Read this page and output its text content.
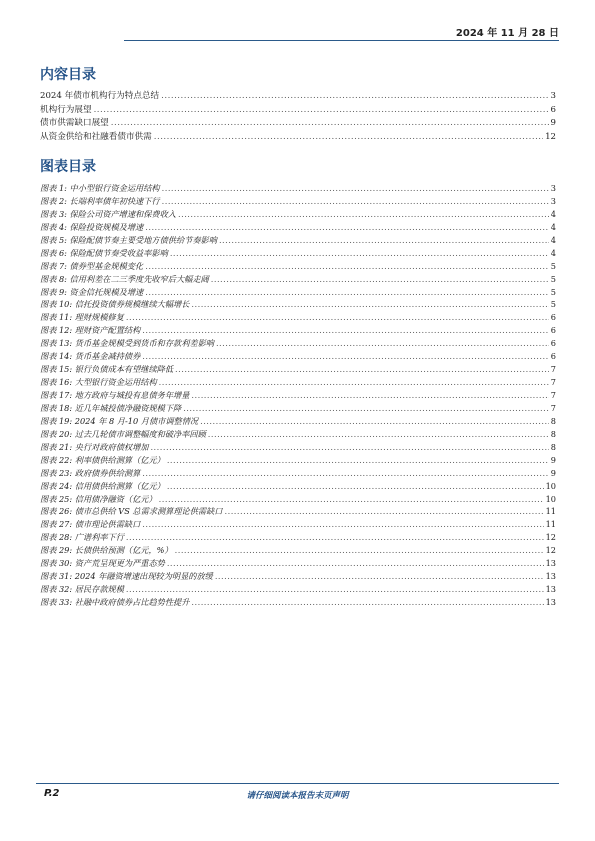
2024 年 11 月 28 日
内容目录
2024 年债市机构行为特点总结 .....	3
机构行为展望 .....	6
债市供需缺口展望 .....	9
从资金供给和社融看债市供需 .....	12
图表目录
图表 1: 中小型银行资金运用结构 .....	3
图表 2: 长端利率债年初快速下行 .....	3
图表 3: 保险公司资产增速和保费收入 .....	4
图表 4: 保险投资规模及增速 .....	4
图表 5: 保险配债节奏主要受地方债供给节奏影响 .....	4
图表 6: 保险配债节奏受收益率影响 .....	4
图表 7: 债券型基金规模变化 .....	5
图表 8: 信用利差在二三季度先收窄后大幅走阔 .....	5
图表 9: 资金信托规模及增速 .....	5
图表 10: 信托投资债券规模继续大幅增长 .....	5
图表 11: 理财规模修复 .....	6
图表 12: 理财资产配置结构 .....	6
图表 13: 货币基金规模受到货币和存款利差影响 .....	6
图表 14: 货币基金减持债券 .....	6
图表 15: 银行负债成本有望继续降低 .....	7
图表 16: 大型银行资金运用结构 .....	7
图表 17: 地方政府与城投有息债务年增量 .....	7
图表 18: 近几年城投债净融资规模下降 .....	7
图表 19: 2024 年 8 月-10 月债市调整情况 .....	8
图表 20: 过去几轮债市调整幅度和破净率回顾 .....	8
图表 21: 央行对政府债权增加 .....	8
图表 22: 利率债供给测算（亿元） .....	9
图表 23: 政府债券供给测算 .....	9
图表 24: 信用债供给测算（亿元） .....	10
图表 25: 信用债净融资（亿元） .....	10
图表 26: 债市总供给 VS 总需求测算理论供需缺口 .....	11
图表 27: 债市理论供需缺口 .....	11
图表 28: 广谱利率下行 .....	12
图表 29: 长债供给预测（亿元，%） .....	12
图表 30: 资产荒呈现更为严重态势 .....	13
图表 31: 2024 年融资增速出现较为明显的放缓 .....	13
图表 32: 居民存款规模 .....	13
图表 33: 社融中政府债券占比趋势性提升 .....	13
P.2	请仔细阅读本报告末页声明
